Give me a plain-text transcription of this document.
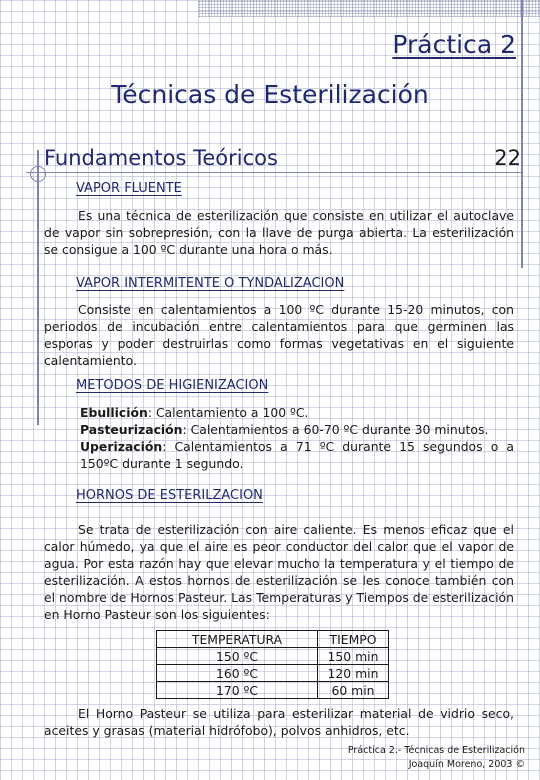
Práctica 2
Técnicas de Esterilización
Fundamentos Teóricos	22
VAPOR FLUENTE
Es una técnica de esterilización que consiste en utilizar el autoclave de vapor sin sobrepresión, con la llave de purga abierta. La esterilización se consigue a 100 ºC durante una hora o más.
VAPOR INTERMITENTE O TYNDALIZACION
Consiste en calentamientos a 100 ºC durante 15-20 minutos, con periodos de incubación entre calentamientos para que germinen las esporas y poder destruirlas como formas vegetativas en el siguiente calentamiento.
METODOS DE HIGIENIZACION
Ebullición: Calentamiento a 100 ºC.
Pasteurización: Calentamientos a 60-70 ºC durante 30 minutos.
Uperización: Calentamientos a 71 ºC durante 15 segundos o a 150ºC durante 1 segundo.
HORNOS DE ESTERILZACION
Se trata de esterilización con aire caliente. Es menos eficaz que el calor húmedo, ya que el aire es peor conductor del calor que el vapor de agua. Por esta razón hay que elevar mucho la temperatura y el tiempo de esterilización. A estos hornos de esterilización se les conoce también con el nombre de Hornos Pasteur. Las Temperaturas y Tiempos de esterilización en Horno Pasteur son los siguientes:
TEMPERATURA	TIEMPO
150 ºC	150 min
160 ºC	120 min
170 ºC	60 min
El Horno Pasteur se utiliza para esterilizar material de vidrio seco, aceites y grasas (material hidrófobo), polvos anhidros, etc.
Práctica 2.- Técnicas de Esterilización
Joaquín Moreno, 2003 ©
